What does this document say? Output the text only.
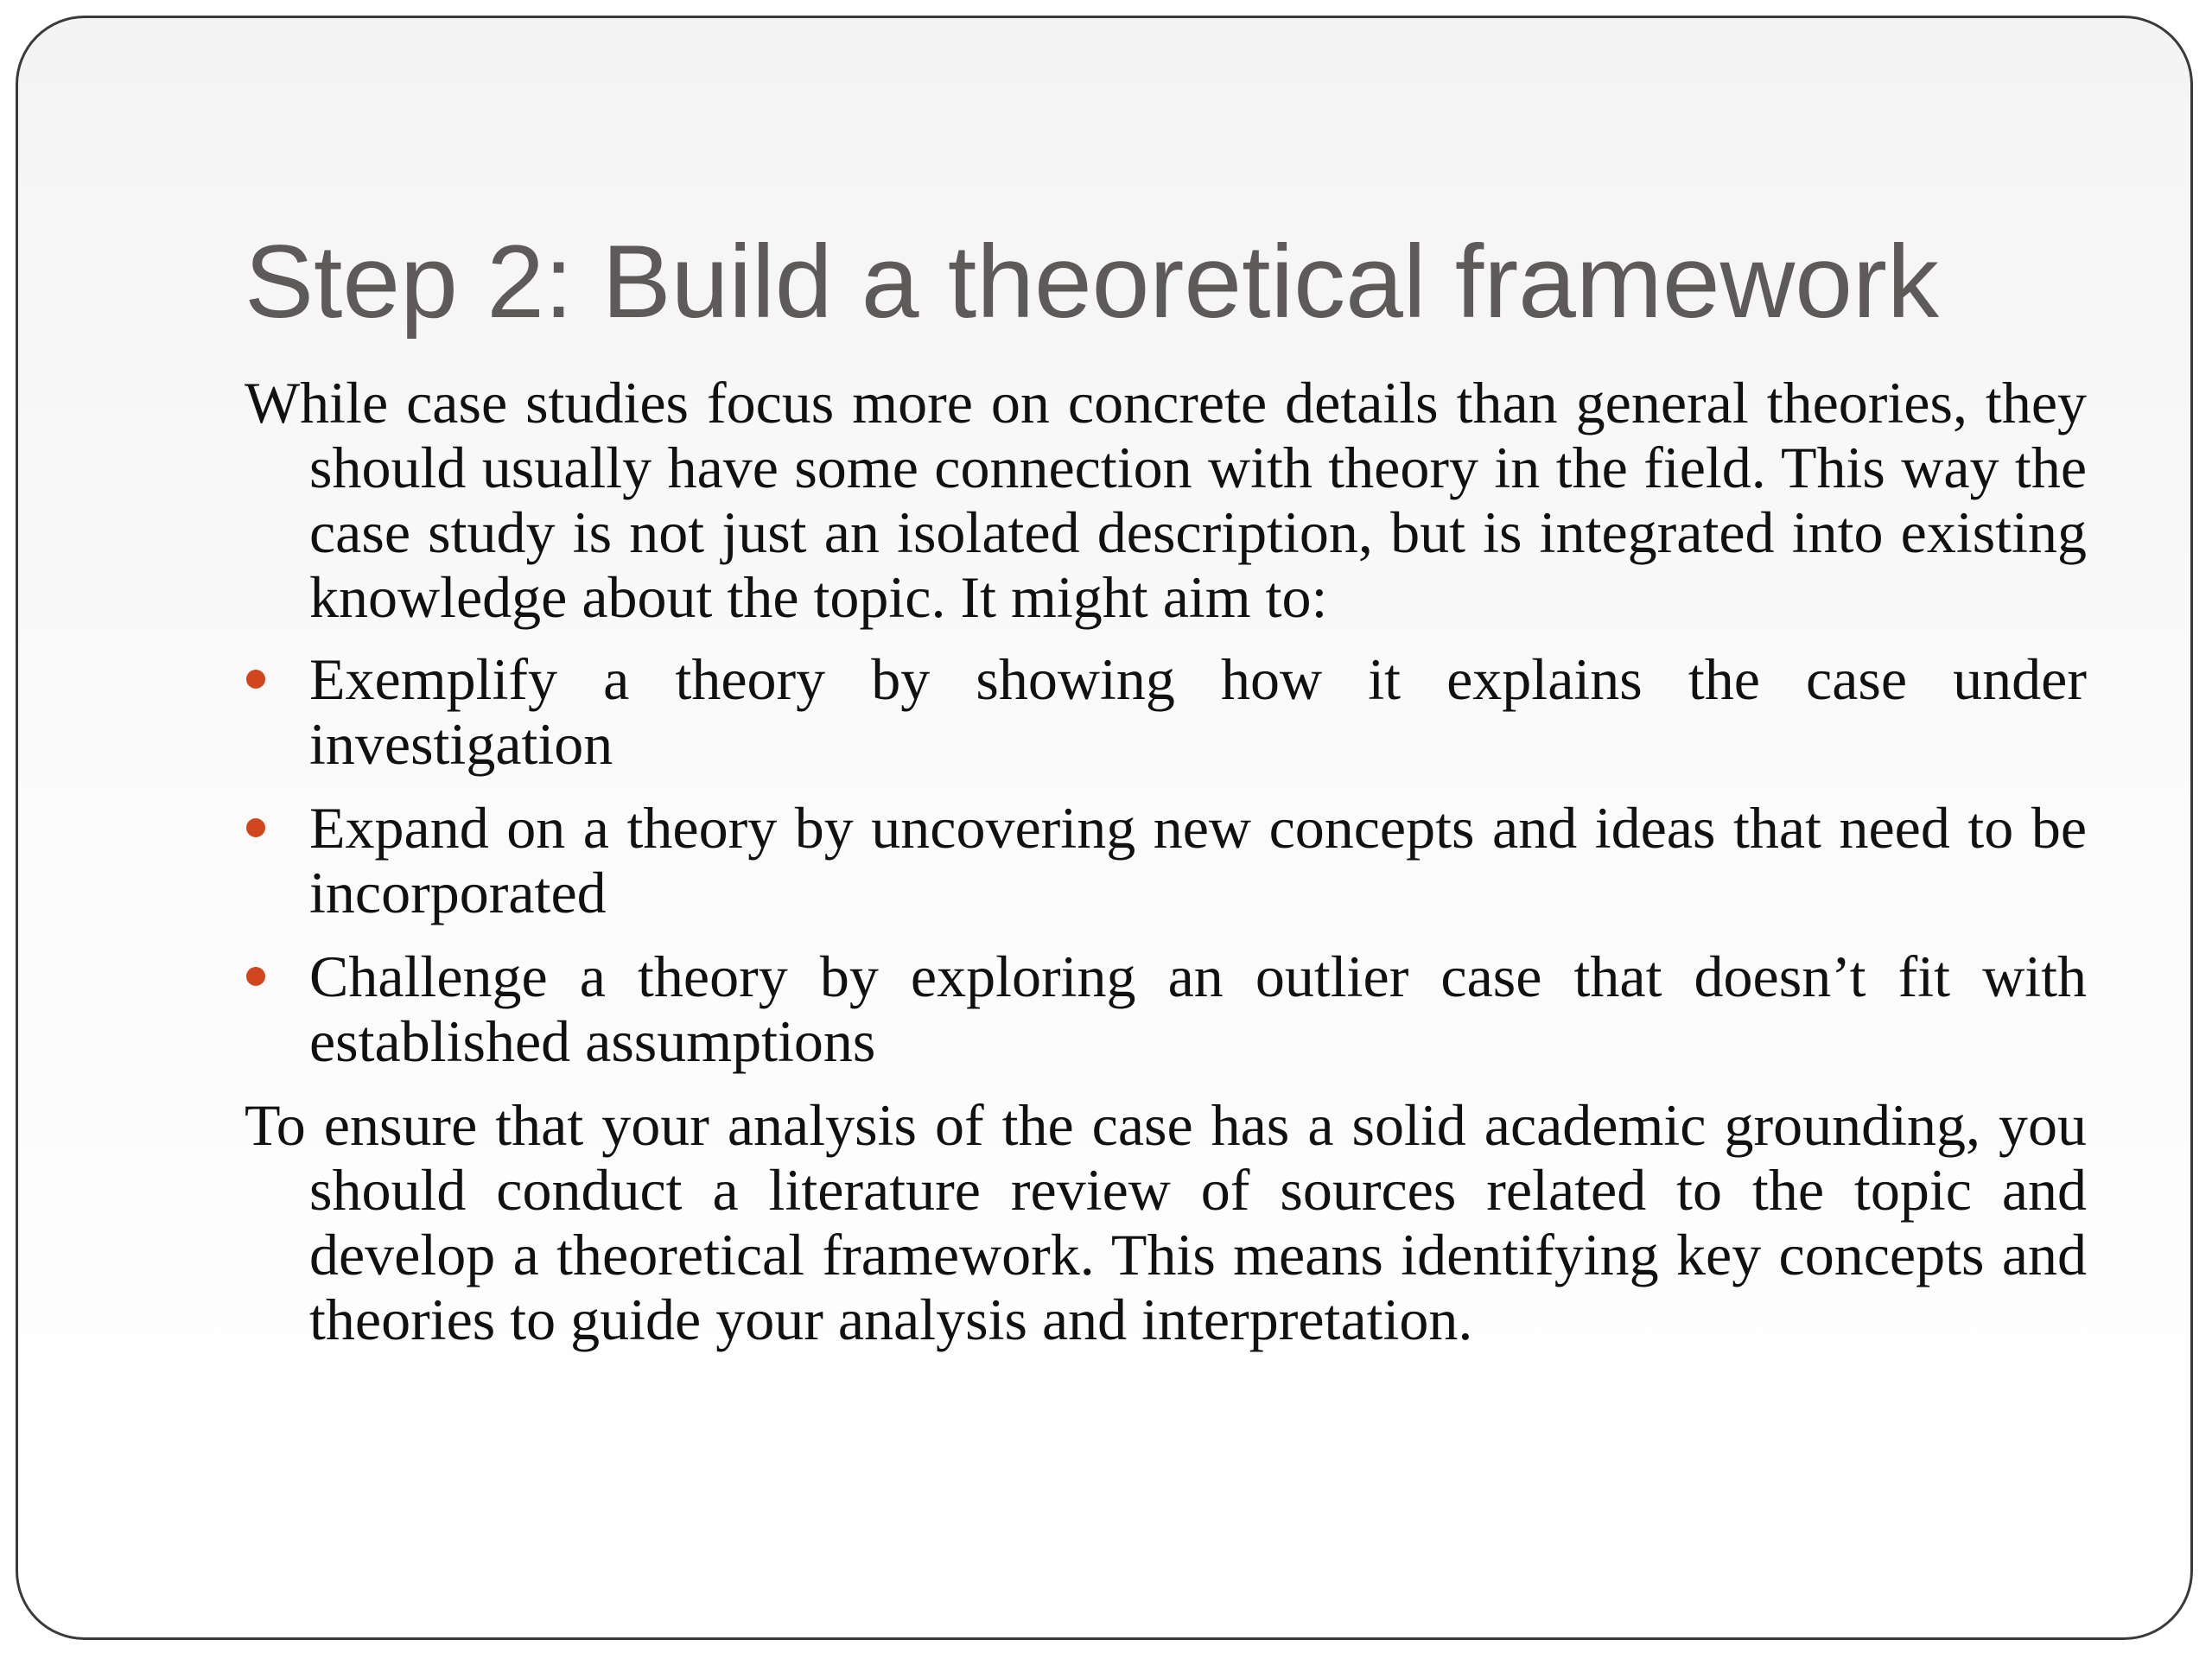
Step 2: Build a theoretical framework

While case studies focus more on concrete details than general theories, they should usually have some connection with theory in the field. This way the case study is not just an isolated description, but is integrated into existing knowledge about the topic. It might aim to:

Exemplify a theory by showing how it explains the case under investigation
Expand on a theory by uncovering new concepts and ideas that need to be incorporated
Challenge a theory by exploring an outlier case that doesn’t fit with established assumptions

To ensure that your analysis of the case has a solid academic grounding, you should conduct a literature review of sources related to the topic and develop a theoretical framework. This means identifying key concepts and theories to guide your analysis and interpretation.
